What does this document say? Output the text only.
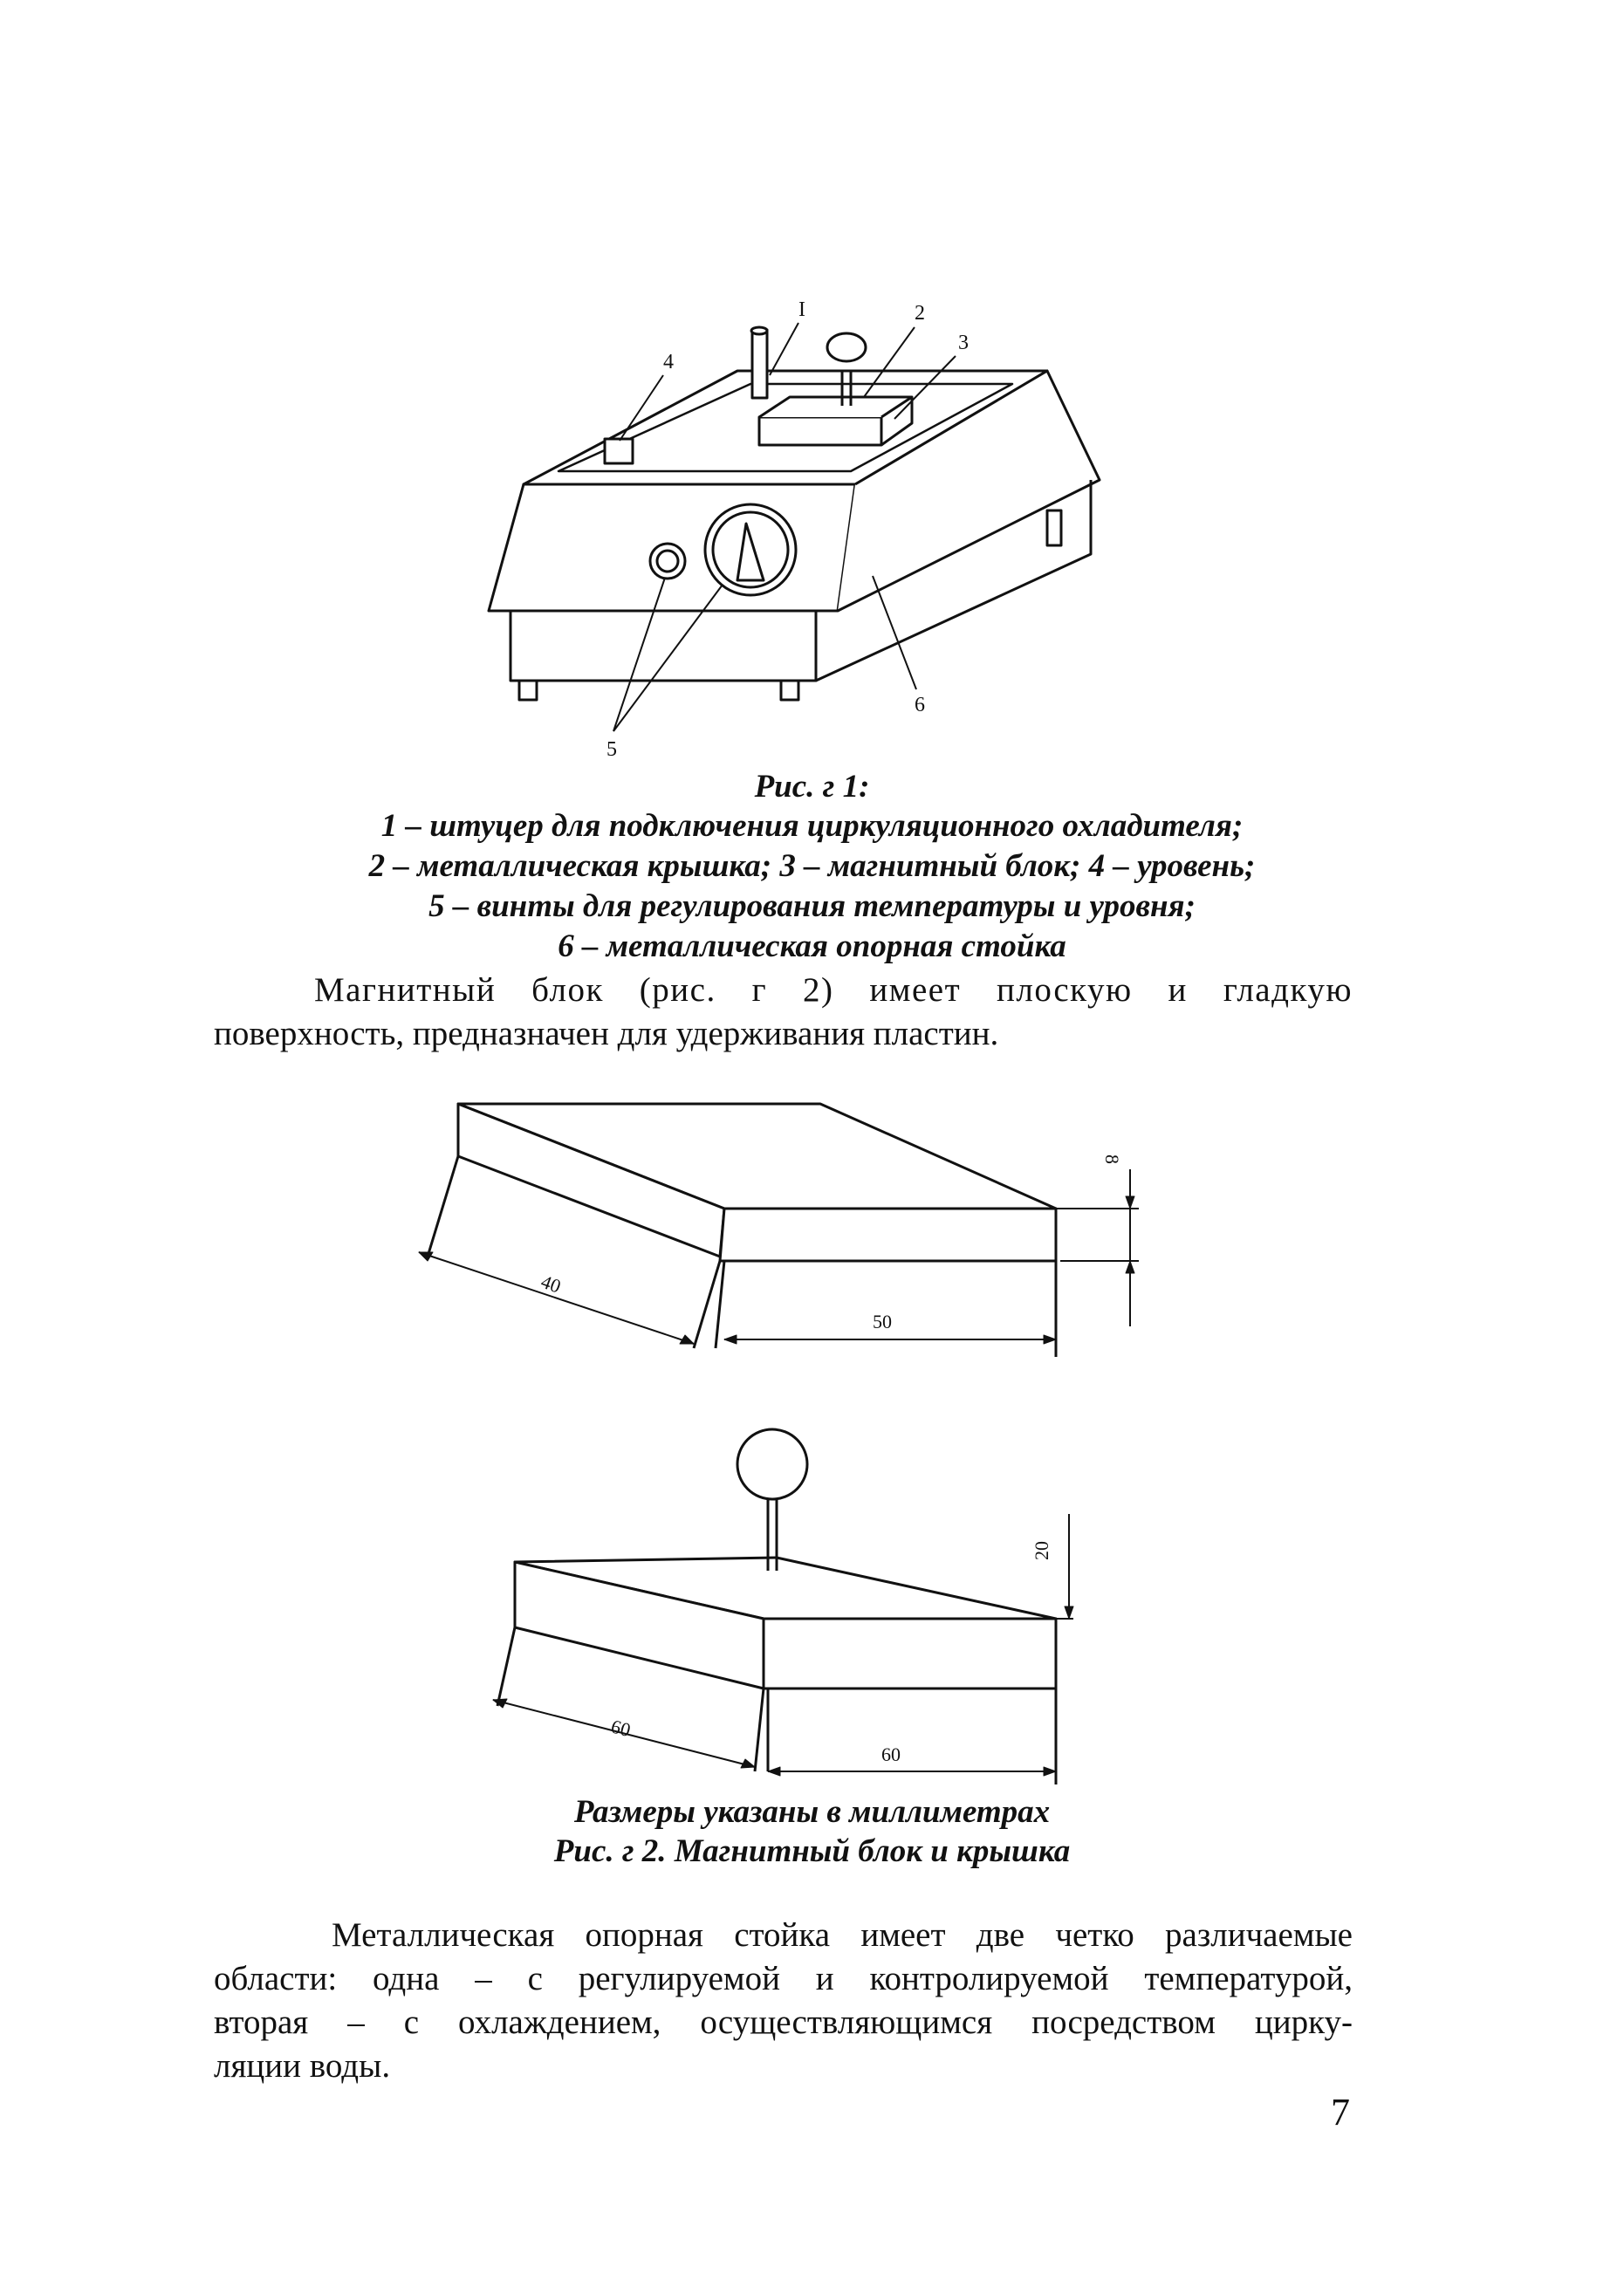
I	2
3
4
5
6
Рис. г 1:
1 – штуцер для подключения циркуляционного охладителя;
2 – металлическая крышка; 3 – магнитный блок; 4 – уровень;
5 – винты для регулирования температуры и уровня;
6 – металлическая опорная стойка
Магнитный блок (рис. г 2) имеет плоскую и гладкую
поверхность, предназначен для удерживания пластин.
40
50
8
60
60
20
Размеры указаны в миллиметрах
Рис. г 2. Магнитный блок и крышка
Металлическая опорная стойка имеет две четко различаемые
области: одна – с регулируемой и контролируемой температурой,
вторая – с охлаждением, осуществляющимся посредством цирку-
ляции воды.
7
